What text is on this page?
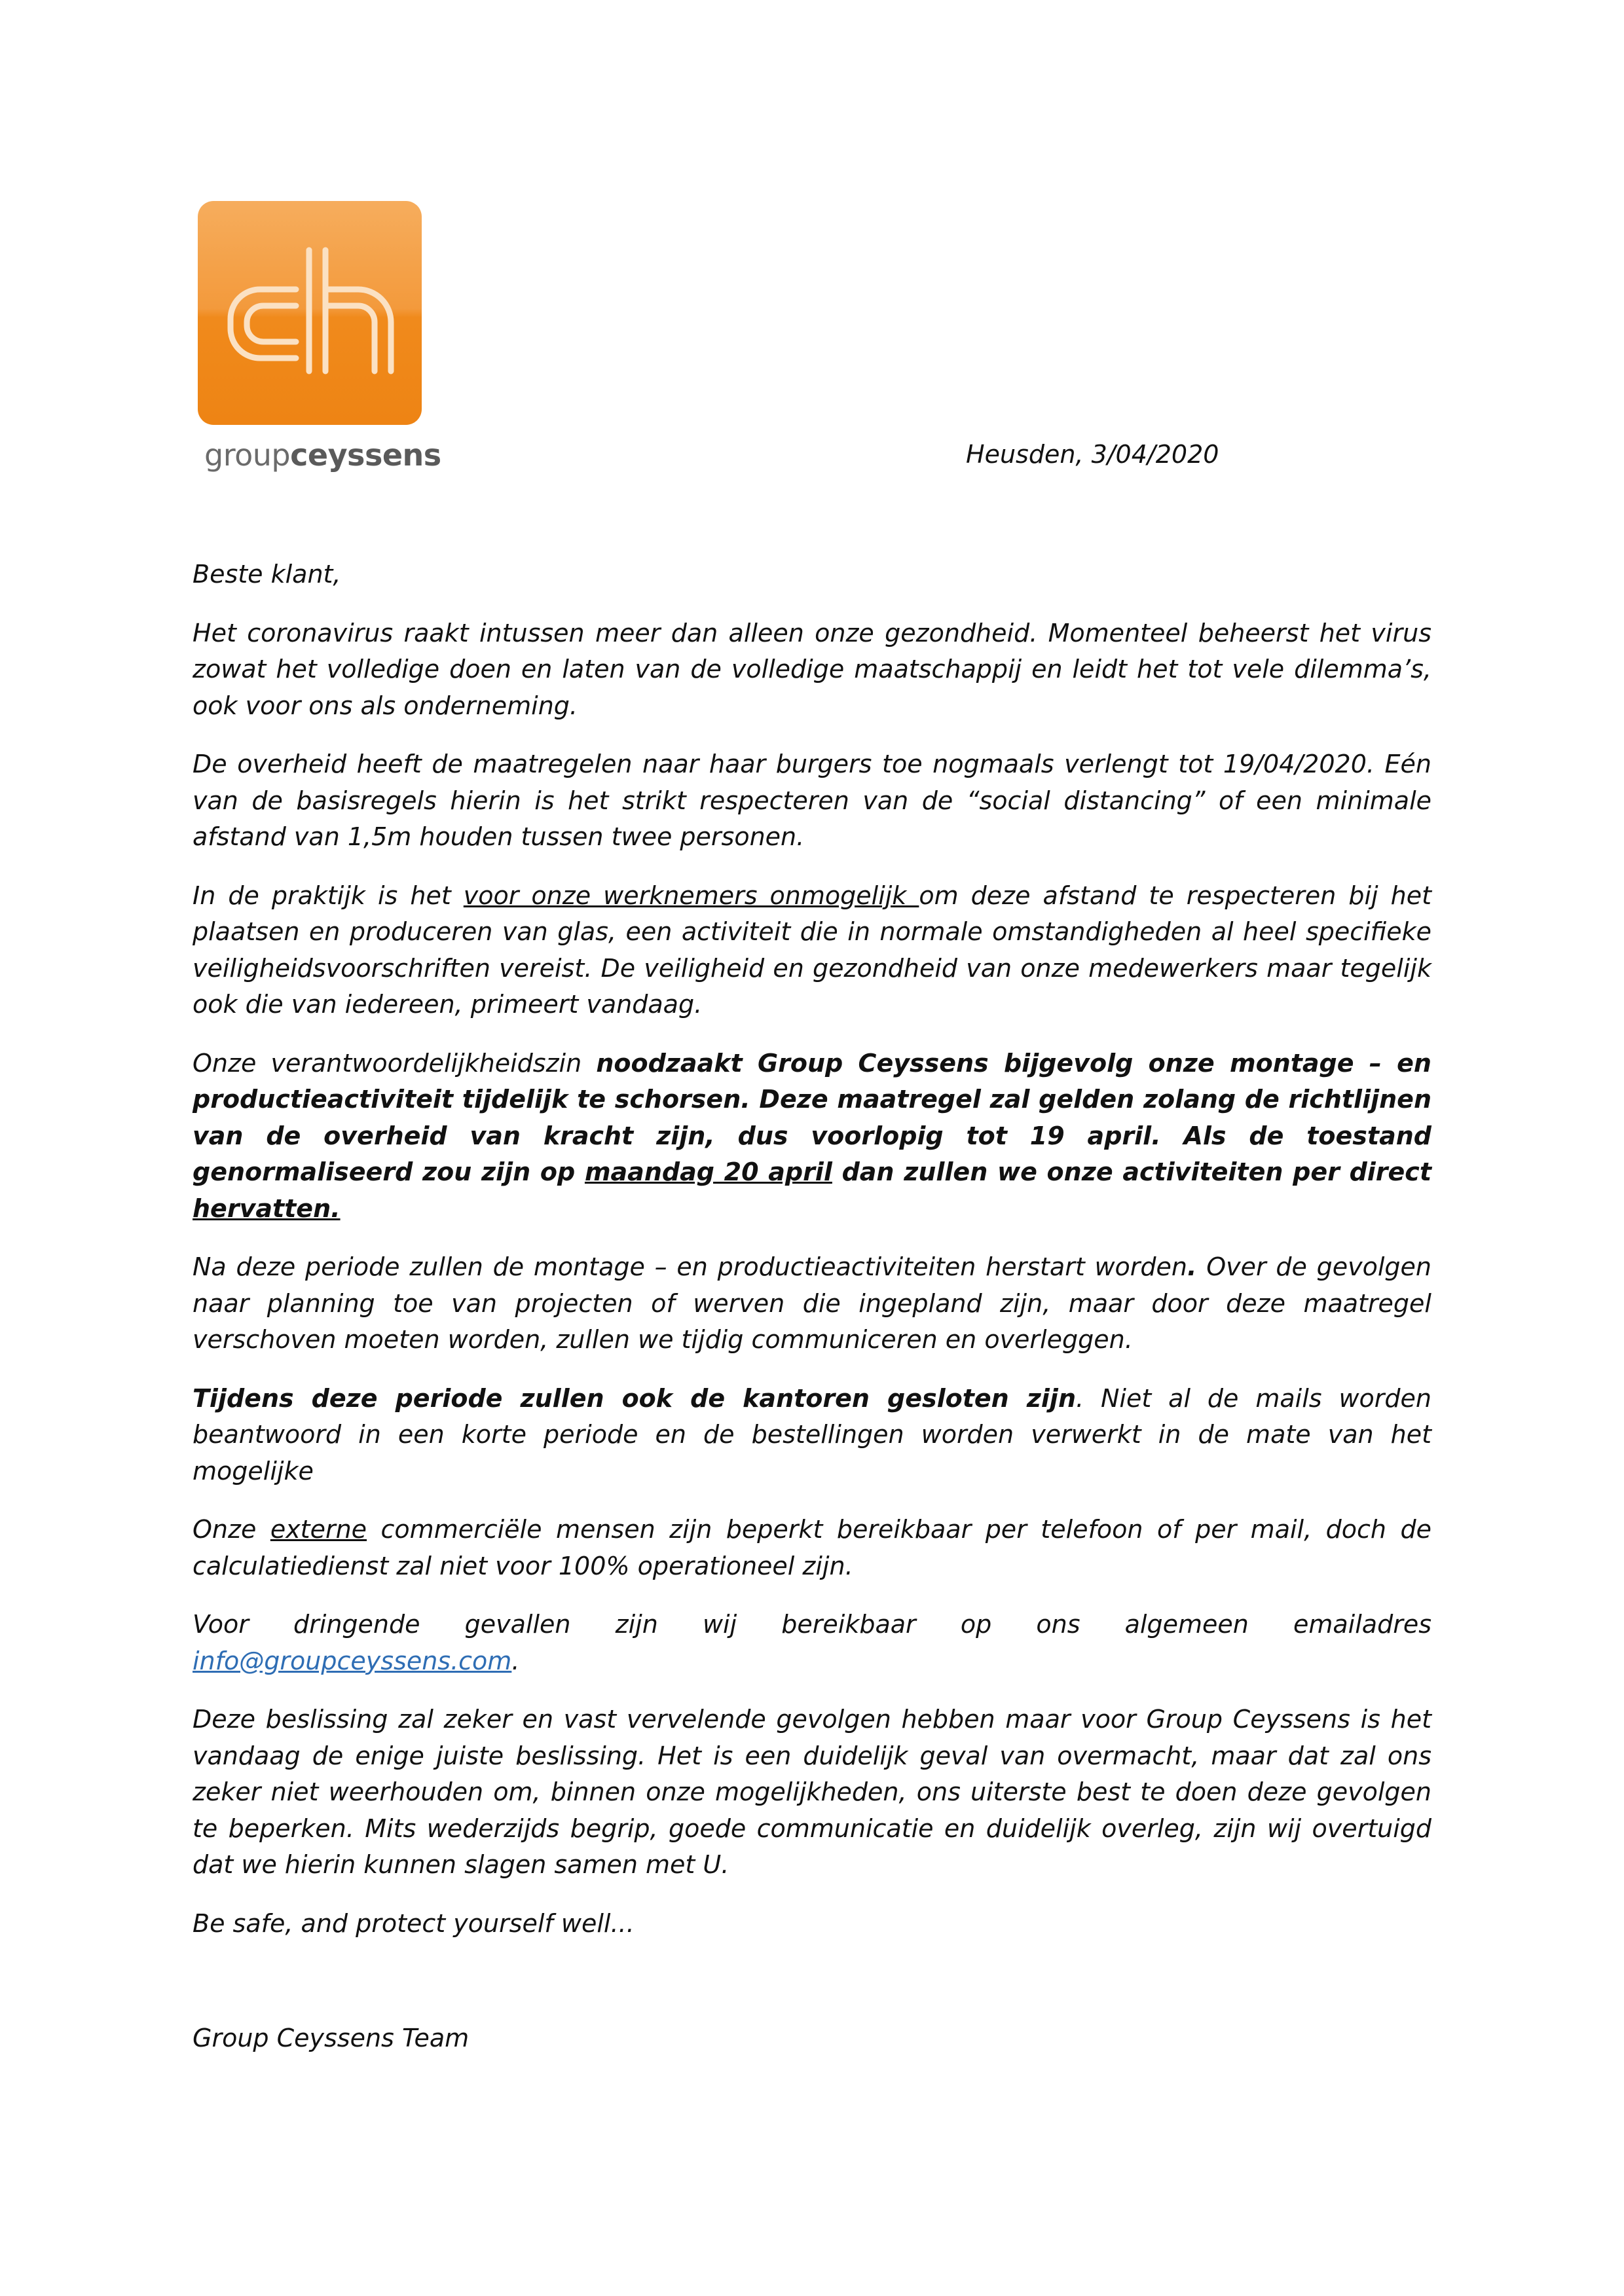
groupceyssens	Heusden, 3/04/2020

Beste klant,

Het coronavirus raakt intussen meer dan alleen onze gezondheid. Momenteel beheerst het virus zowat het volledige doen en laten van de volledige maatschappij en leidt het tot vele dilemma’s, ook voor ons als onderneming.

De overheid heeft de maatregelen naar haar burgers toe nogmaals verlengt tot 19/04/2020. Eén van de basisregels hierin is het strikt respecteren van de “social distancing” of een minimale afstand van 1,5m houden tussen twee personen.

In de praktijk is het voor onze werknemers onmogelijk om deze afstand te respecteren bij het plaatsen en produceren van glas, een activiteit die in normale omstandigheden al heel specifieke veiligheidsvoorschriften vereist. De veiligheid en gezondheid van onze medewerkers maar tegelijk ook die van iedereen, primeert vandaag.

Onze verantwoordelijkheidszin noodzaakt Group Ceyssens bijgevolg onze montage – en productieactiviteit tijdelijk te schorsen. Deze maatregel zal gelden zolang de richtlijnen van de overheid van kracht zijn, dus voorlopig tot 19 april. Als de toestand genormaliseerd zou zijn op maandag 20 april dan zullen we onze activiteiten per direct hervatten.

Na deze periode zullen de montage – en productieactiviteiten herstart worden. Over de gevolgen naar planning toe van projecten of werven die ingepland zijn, maar door deze maatregel verschoven moeten worden, zullen we tijdig communiceren en overleggen.

Tijdens deze periode zullen ook de kantoren gesloten zijn. Niet al de mails worden beantwoord in een korte periode en de bestellingen worden verwerkt in de mate van het mogelijke

Onze externe commerciële mensen zijn beperkt bereikbaar per telefoon of per mail, doch de calculatiedienst zal niet voor 100% operationeel zijn.

Voor dringende gevallen zijn wij bereikbaar op ons algemeen emailadres info@groupceyssens.com.

Deze beslissing zal zeker en vast vervelende gevolgen hebben maar voor Group Ceyssens is het vandaag de enige juiste beslissing. Het is een duidelijk geval van overmacht, maar dat zal ons zeker niet weerhouden om, binnen onze mogelijkheden, ons uiterste best te doen deze gevolgen te beperken. Mits wederzijds begrip, goede communicatie en duidelijk overleg, zijn wij overtuigd dat we hierin kunnen slagen samen met U.

Be safe, and protect yourself well...

Group Ceyssens Team
